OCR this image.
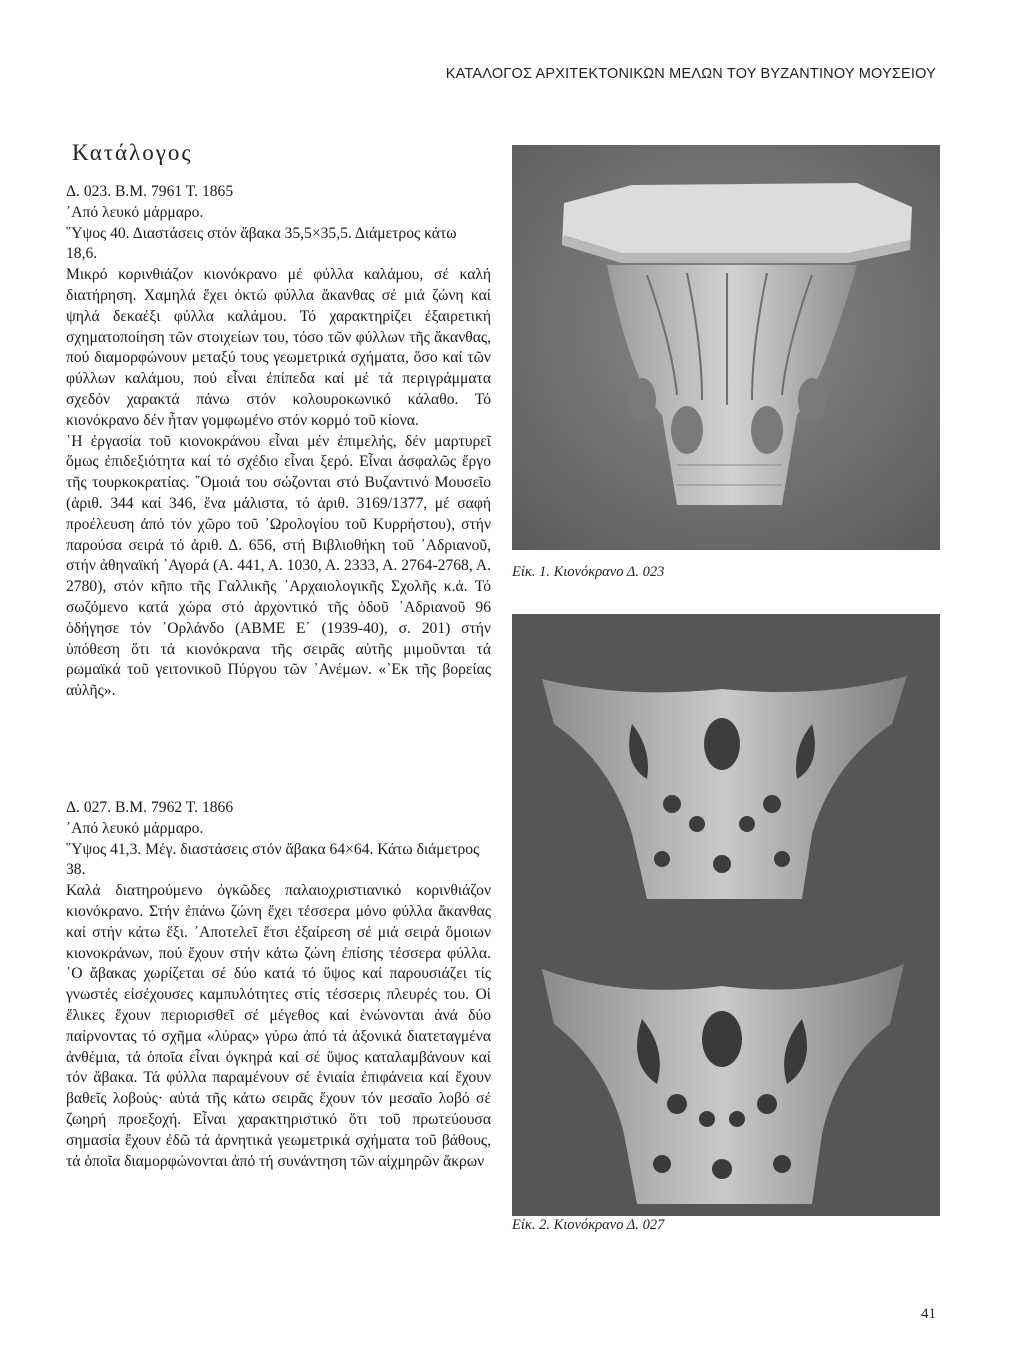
ΚΑΤΑΛΟΓΟΣ ΑΡΧΙΤΕΚΤΟΝΙΚΩΝ ΜΕΛΩΝ ΤΟΥ ΒΥΖΑΝΤΙΝΟΥ ΜΟΥΣΕΙΟΥ
Κατάλογος

Δ. 023. Β.Μ. 7961 Τ. 1865

᾽Από λευκό μάρμαρο.

῞Υψος 40. Διαστάσεις στόν ἄβακα 35,5×35,5. Διάμετρος κάτω 18,6.

Μικρό κορινθιάζον κιονόκρανο μέ φύλλα καλάμου, σέ καλή διατήρηση. Χαμηλά ἔχει ὀκτώ φύλλα ἄκανθας σέ μιά ζώνη καί ψηλά δεκαέξι φύλλα καλάμου. Τό χαρακτηρίζει ἐξαιρετική σχηματοποίηση τῶν στοιχείων του, τόσο τῶν φύλλων τῆς ἄκανθας, πού διαμορφώνουν μεταξύ τους γεωμετρικά σχήματα, ὅσο καί τῶν φύλλων καλάμου, πού εἶναι ἐπίπεδα καί μέ τά περιγράμματα σχεδόν χαρακτά πάνω στόν κολουροκωνικό κάλαθο. Τό κιονόκρανο δέν ἦταν γομφωμένο στόν κορμό τοῦ κίονα.

῾Η ἐργασία τοῦ κιονοκράνου εἶναι μέν ἐπιμελής, δέν μαρτυρεῖ ὅμως ἐπιδεξιότητα καί τό σχέδιο εἶναι ξερό. Εἶναι ἀσφαλῶς ἔργο τῆς τουρκοκρατίας. ῞Ομοιά του σώζονται στό Βυζαντινό Μουσεῖο (ἀριθ. 344 καί 346, ἕνα μάλιστα, τό ἀριθ. 3169/1377, μέ σαφή προέλευση ἀπό τόν χῶρο τοῦ ᾽Ωρολογίου τοῦ Κυρρήστου), στήν παρούσα σειρά τό ἀριθ. Δ. 656, στή Βιβλιοθήκη τοῦ ᾽Αδριανοῦ, στήν ἀθηναϊκή ᾽Αγορά (Α. 441, Α. 1030, Α. 2333, Α. 2764-2768, Α. 2780), στόν κῆπο τῆς Γαλλικῆς ᾽Αρχαιολογικῆς Σχολῆς κ.ἀ. Τό σωζόμενο κατά χώρα στό ἀρχοντικό τῆς ὁδοῦ ᾽Αδριανοῦ 96 ὁδήγησε τόν ᾽Ορλάνδο (ΑΒΜΕ Ε΄ (1939-40), σ. 201) στήν ὑπόθεση ὅτι τά κιονόκρανα τῆς σειρᾶς αὐτῆς μιμοῦνται τά ρωμαϊκά τοῦ γειτονικοῦ Πύργου τῶν ᾽Ανέμων. «᾽Εκ τῆς βορείας αὐλῆς».

Δ. 027. Β.Μ. 7962 Τ. 1866

᾽Από λευκό μάρμαρο.

῞Υψος 41,3. Μέγ. διαστάσεις στόν ἄβακα 64×64. Κάτω διάμετρος 38.

Καλά διατηρούμενο ὀγκῶδες παλαιοχριστιανικό κορινθιάζον κιονόκρανο. Στήν ἐπάνω ζώνη ἔχει τέσσερα μόνο φύλλα ἄκανθας καί στήν κάτω ἕξι. ᾽Αποτελεῖ ἔτσι ἐξαίρεση σέ μιά σειρά ὅμοιων κιονοκράνων, πού ἔχουν στήν κάτω ζώνη ἐπίσης τέσσερα φύλλα. ῾Ο ἄβακας χωρίζεται σέ δύο κατά τό ὕψος καί παρουσιάζει τίς γνωστές εἰσέχουσες καμπυλότητες στίς τέσσερις πλευρές του. Οἱ ἕλικες ἔχουν περιορισθεῖ σέ μέγεθος καί ἑνώνονται ἀνά δύο παίρνοντας τό σχῆμα «λύρας» γύρω ἀπό τά ἀξονικά διατεταγμένα ἀνθέμια, τά ὁποῖα εἶναι ὀγκηρά καί σέ ὕψος καταλαμβάνουν καί τόν ἄβακα. Τά φύλλα παραμένουν σέ ἑνιαία ἐπιφάνεια καί ἔχουν βαθεῖς λοβούς· αὐτά τῆς κάτω σειρᾶς ἔχουν τόν μεσαῖο λοβό σέ ζωηρή προεξοχή. Εἶναι χαρακτηριστικό ὅτι τοῦ πρωτεύουσα σημασία ἔχουν ἐδῶ τά ἀρνητικά γεωμετρικά σχήματα τοῦ βάθους, τά ὁποῖα διαμορφώνονται ἀπό τή συνάντηση τῶν αἰχμηρῶν ἄκρων

Εἰκ. 1. Κιονόκρανο Δ. 023
Εἰκ. 2. Κιονόκρανο Δ. 027
41
